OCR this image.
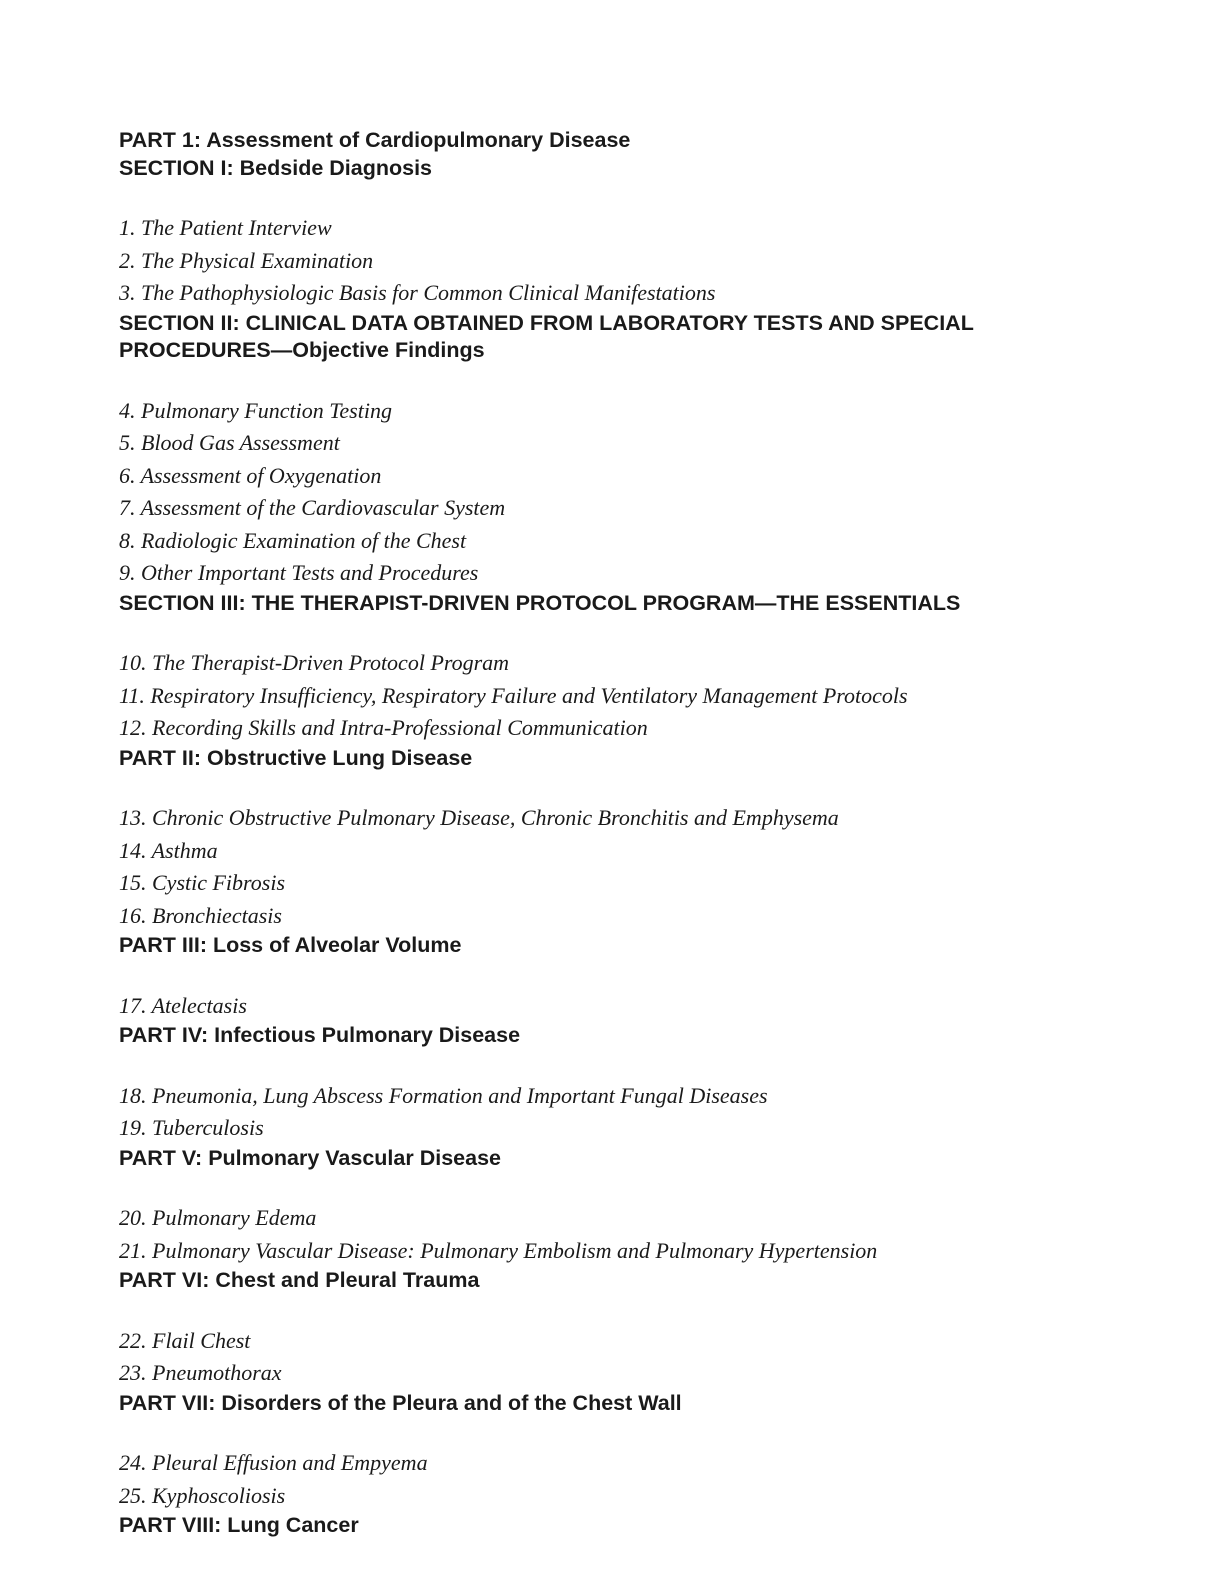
PART 1: Assessment of Cardiopulmonary Disease
SECTION I: Bedside Diagnosis
1. The Patient Interview
2. The Physical Examination
3. The Pathophysiologic Basis for Common Clinical Manifestations
SECTION II: CLINICAL DATA OBTAINED FROM LABORATORY TESTS AND SPECIAL PROCEDURES—Objective Findings
4. Pulmonary Function Testing
5. Blood Gas Assessment
6. Assessment of Oxygenation
7. Assessment of the Cardiovascular System
8. Radiologic Examination of the Chest
9. Other Important Tests and Procedures
SECTION III: THE THERAPIST-DRIVEN PROTOCOL PROGRAM—THE ESSENTIALS
10. The Therapist-Driven Protocol Program
11. Respiratory Insufficiency, Respiratory Failure and Ventilatory Management Protocols
12. Recording Skills and Intra-Professional Communication
PART II: Obstructive Lung Disease
13. Chronic Obstructive Pulmonary Disease, Chronic Bronchitis and Emphysema
14. Asthma
15. Cystic Fibrosis
16. Bronchiectasis
PART III: Loss of Alveolar Volume
17. Atelectasis
PART IV: Infectious Pulmonary Disease
18. Pneumonia, Lung Abscess Formation and Important Fungal Diseases
19. Tuberculosis
PART V: Pulmonary Vascular Disease
20. Pulmonary Edema
21. Pulmonary Vascular Disease: Pulmonary Embolism and Pulmonary Hypertension
PART VI: Chest and Pleural Trauma
22. Flail Chest
23. Pneumothorax
PART VII: Disorders of the Pleura and of the Chest Wall
24. Pleural Effusion and Empyema
25. Kyphoscoliosis
PART VIII: Lung Cancer
